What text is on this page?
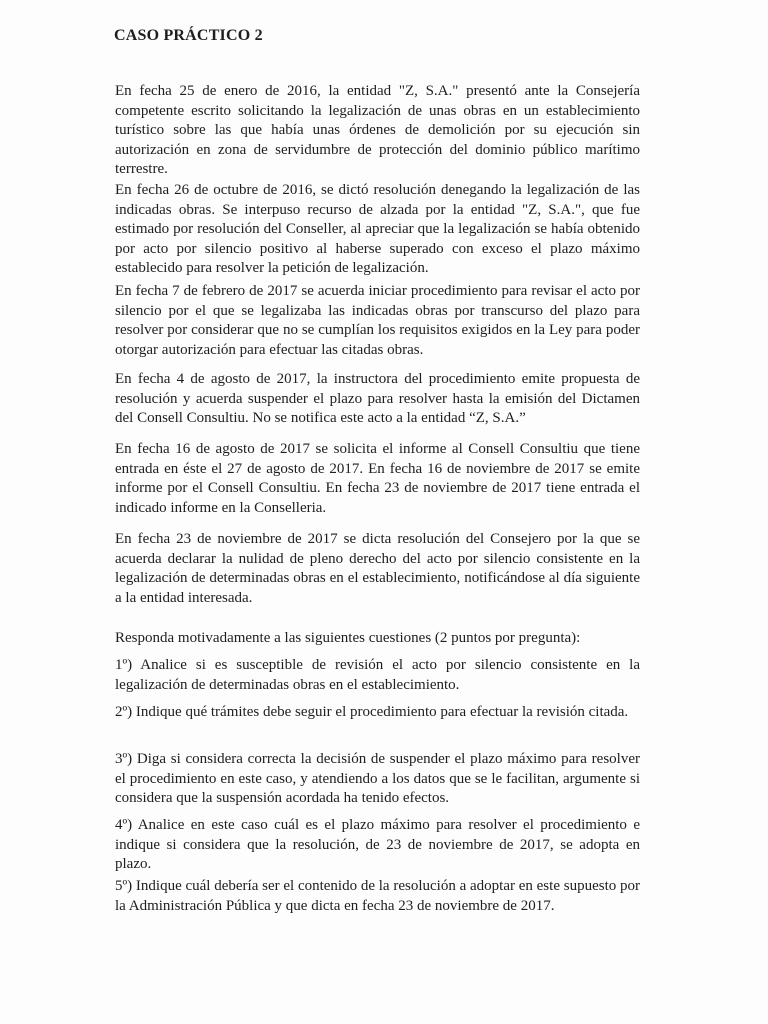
CASO PRÁCTICO 2

En fecha 25 de enero de 2016, la entidad "Z, S.A." presentó ante la Consejería competente escrito solicitando la legalización de unas obras en un establecimiento turístico sobre las que había unas órdenes de demolición por su ejecución sin autorización en zona de servidumbre de protección del dominio público marítimo terrestre.

En fecha 26 de octubre de 2016, se dictó resolución denegando la legalización de las indicadas obras. Se interpuso recurso de alzada por la entidad "Z, S.A.", que fue estimado por resolución del Conseller, al apreciar que la legalización se había obtenido por acto por silencio positivo al haberse superado con exceso el plazo máximo establecido para resolver la petición de legalización.

En fecha 7 de febrero de 2017 se acuerda iniciar procedimiento para revisar el acto por silencio por el que se legalizaba las indicadas obras por transcurso del plazo para resolver por considerar que no se cumplían los requisitos exigidos en la Ley para poder otorgar autorización para efectuar las citadas obras.

En fecha 4 de agosto de 2017, la instructora del procedimiento emite propuesta de resolución y acuerda suspender el plazo para resolver hasta la emisión del Dictamen del Consell Consultiu. No se notifica este acto a la entidad “Z, S.A.”

En fecha 16 de agosto de 2017 se solicita el informe al Consell Consultiu que tiene entrada en éste el 27 de agosto de 2017. En fecha 16 de noviembre de 2017 se emite informe por el Consell Consultiu. En fecha 23 de noviembre de 2017 tiene entrada el indicado informe en la Conselleria.

En fecha 23 de noviembre de 2017 se dicta resolución del Consejero por la que se acuerda declarar la nulidad de pleno derecho del acto por silencio consistente en la legalización de determinadas obras en el establecimiento, notificándose al día siguiente a la entidad interesada.

Responda motivadamente a las siguientes cuestiones (2 puntos por pregunta):

1º) Analice si es susceptible de revisión el acto por silencio consistente en la legalización de determinadas obras en el establecimiento.

2º) Indique qué trámites debe seguir el procedimiento para efectuar la revisión citada.

3º) Diga si considera correcta la decisión de suspender el plazo máximo para resolver el procedimiento en este caso, y atendiendo a los datos que se le facilitan, argumente si considera que la suspensión acordada ha tenido efectos.

4º) Analice en este caso cuál es el plazo máximo para resolver el procedimiento e indique si considera que la resolución, de 23 de noviembre de 2017, se adopta en plazo.

5º) Indique cuál debería ser el contenido de la resolución a adoptar en este supuesto por la Administración Pública y que dicta en fecha 23 de noviembre de 2017.
